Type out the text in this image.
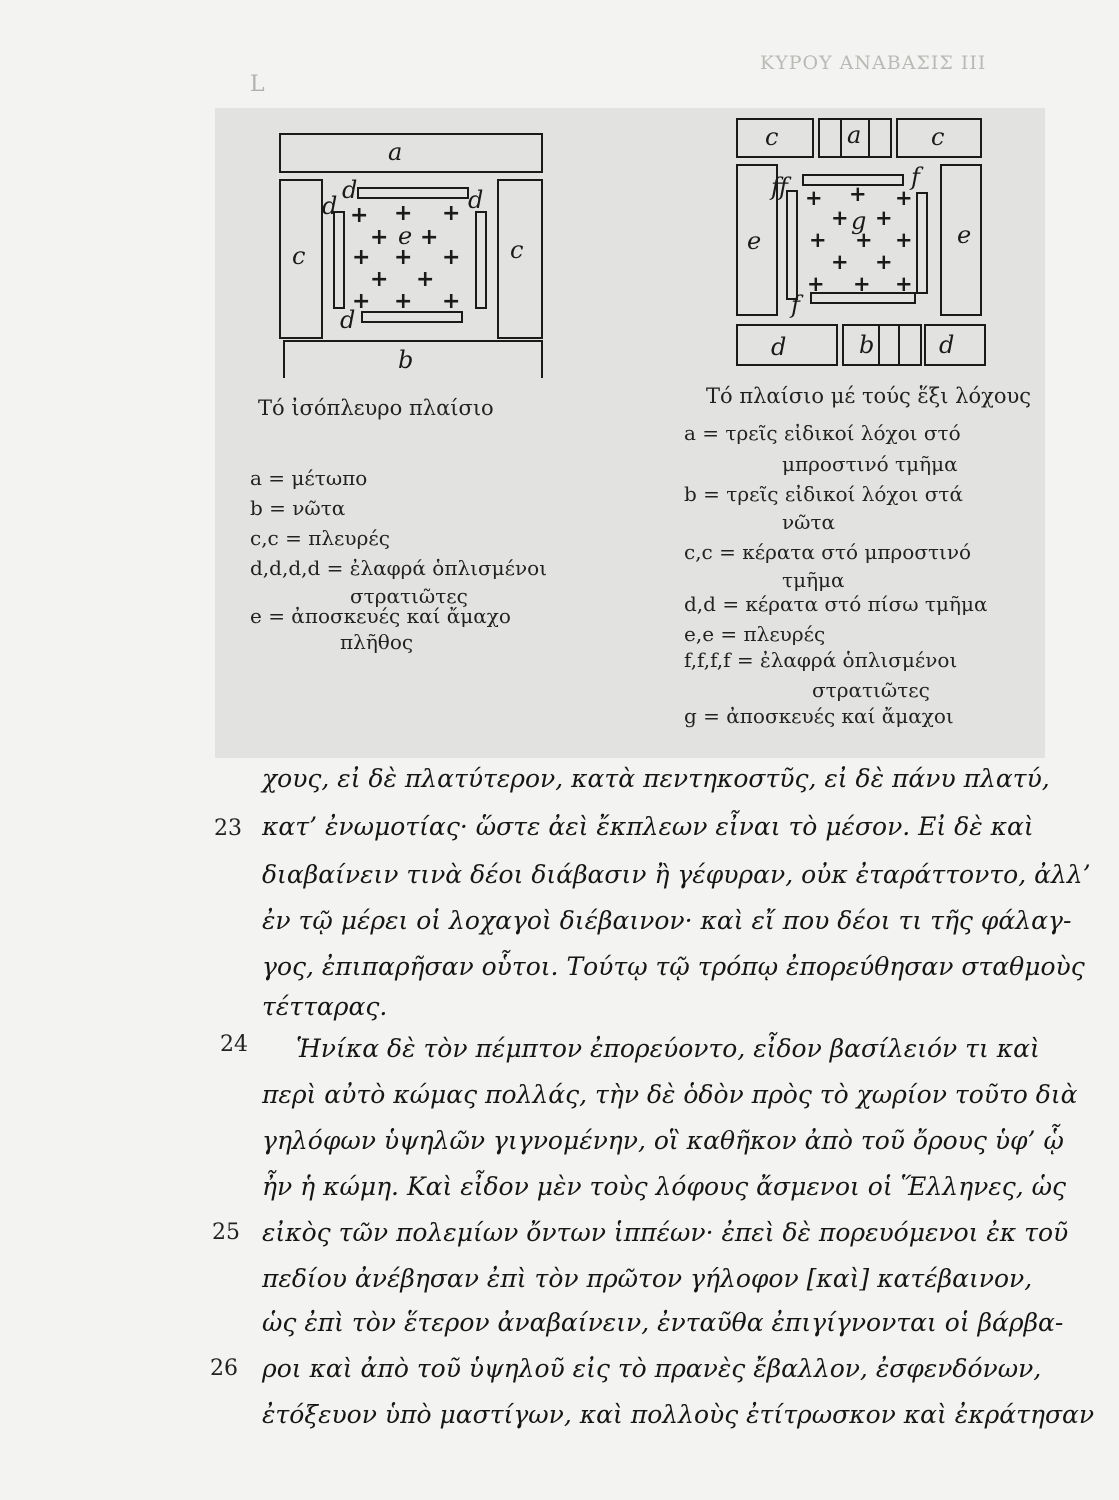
ΚΥΡΟΥ ΑΝΑΒΑΣΙΣ ΙΙΙ
L
a
b
c	c
d
d	d
d
e
+ + +
+ +
+ + +
+ +
+ + +
c	a	c
e	e
ff	f
f
g
d	b	d
+ + +
+ +
+ + +
+ +
+ + +
Τό ἰσόπλευρο πλαίσιο	Τό πλαίσιο μέ τούς ἕξι λόχους
a = μέτωπο
b = νῶτα
c,c = πλευρές
d,d,d,d = ἐλαφρά ὁπλισμένοι
στρατιῶτες
e = ἀποσκευές καί ἄμαχο
πλῆθος
a = τρεῖς εἰδικοί λόχοι στό
μπροστινό τμῆμα
b = τρεῖς εἰδικοί λόχοι στά
νῶτα
c,c = κέρατα στό μπροστινό
τμῆμα
d,d = κέρατα στό πίσω τμῆμα
e,e = πλευρές
f,f,f,f = ἐλαφρά ὁπλισμένοι
στρατιῶτες
g = ἀποσκευές καί ἄμαχοι
χους, εἰ δὲ πλατύτερον, κατὰ πεντηκοστῦς, εἰ δὲ πάνυ πλατύ,
κατ’ ἐνωμοτίας· ὥστε ἀεὶ ἔκπλεων εἶναι τὸ μέσον. Εἰ δὲ καὶ
διαβαίνειν τινὰ δέοι διάβασιν ἢ γέφυραν, οὐκ ἐταράττοντο, ἀλλ’
ἐν τῷ μέρει οἱ λοχαγοὶ διέβαινον· καὶ εἴ που δέοι τι τῆς φάλαγ-
γος, ἐπιπαρῆσαν οὗτοι. Τούτῳ τῷ τρόπῳ ἐπορεύθησαν σταθμοὺς
τέτταρας.
Ἡνίκα δὲ τὸν πέμπτον ἐπορεύοντο, εἶδον βασίλειόν τι καὶ
περὶ αὐτὸ κώμας πολλάς, τὴν δὲ ὁδὸν πρὸς τὸ χωρίον τοῦτο διὰ
γηλόφων ὑψηλῶν γιγνομένην, οἳ καθῆκον ἀπὸ τοῦ ὄρους ὑφ’ ᾧ
ἦν ἡ κώμη. Καὶ εἶδον μὲν τοὺς λόφους ἄσμενοι οἱ Ἕλληνες, ὡς
εἰκὸς τῶν πολεμίων ὄντων ἱππέων· ἐπεὶ δὲ πορευόμενοι ἐκ τοῦ
πεδίου ἀνέβησαν ἐπὶ τὸν πρῶτον γήλοφον [καὶ] κατέβαινον,
ὡς ἐπὶ τὸν ἕτερον ἀναβαίνειν, ἐνταῦθα ἐπιγίγνονται οἱ βάρβα-
ροι καὶ ἀπὸ τοῦ ὑψηλοῦ εἰς τὸ πρανὲς ἔβαλλον, ἐσφενδόνων,
ἐτόξευον ὑπὸ μαστίγων, καὶ πολλοὺς ἐτίτρωσκον καὶ ἐκράτησαν
23
24
25
26
